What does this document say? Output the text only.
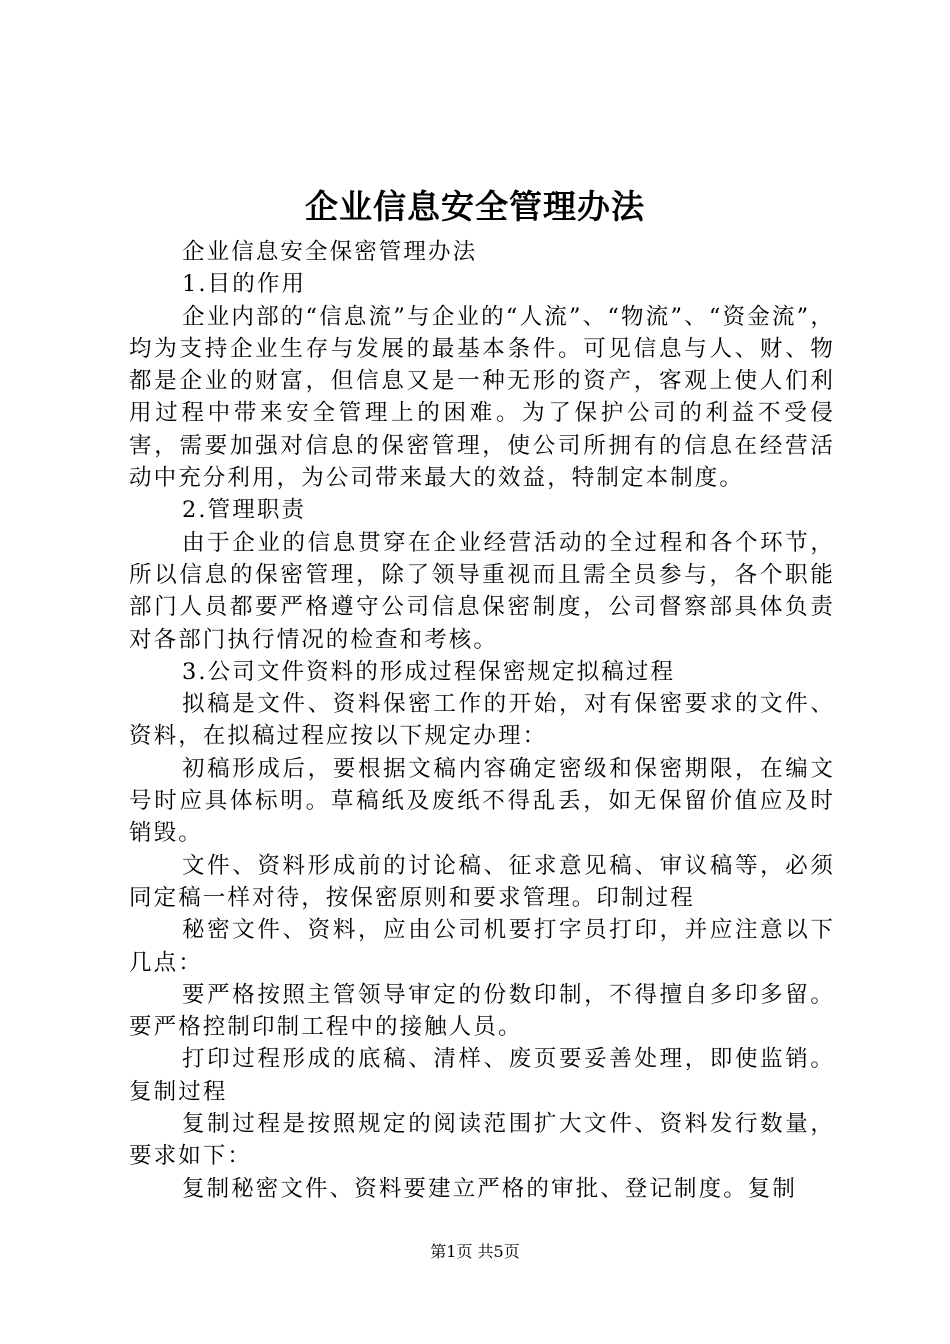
企业信息安全管理办法

企业信息安全保密管理办法

1.目的作用

企业内部的“信息流”与企业的“人流”、“物流”、“资金流”，均为支持企业生存与发展的最基本条件。可见信息与人、财、物都是企业的财富，但信息又是一种无形的资产，客观上使人们利用过程中带来安全管理上的困难。为了保护公司的利益不受侵害，需要加强对信息的保密管理，使公司所拥有的信息在经营活动中充分利用，为公司带来最大的效益，特制定本制度。

2.管理职责

由于企业的信息贯穿在企业经营活动的全过程和各个环节，所以信息的保密管理，除了领导重视而且需全员参与，各个职能部门人员都要严格遵守公司信息保密制度，公司督察部具体负责对各部门执行情况的检查和考核。

3.公司文件资料的形成过程保密规定拟稿过程

拟稿是文件、资料保密工作的开始，对有保密要求的文件、资料，在拟稿过程应按以下规定办理：

初稿形成后，要根据文稿内容确定密级和保密期限，在编文号时应具体标明。草稿纸及废纸不得乱丢，如无保留价值应及时销毁。

文件、资料形成前的讨论稿、征求意见稿、审议稿等，必须同定稿一样对待，按保密原则和要求管理。印制过程

秘密文件、资料，应由公司机要打字员打印，并应注意以下几点：

要严格按照主管领导审定的份数印制，不得擅自多印多留。要严格控制印制工程中的接触人员。

打印过程形成的底稿、清样、废页要妥善处理，即使监销。复制过程

复制过程是按照规定的阅读范围扩大文件、资料发行数量，要求如下：

复制秘密文件、资料要建立严格的审批、登记制度。复制

第1页 共5页
